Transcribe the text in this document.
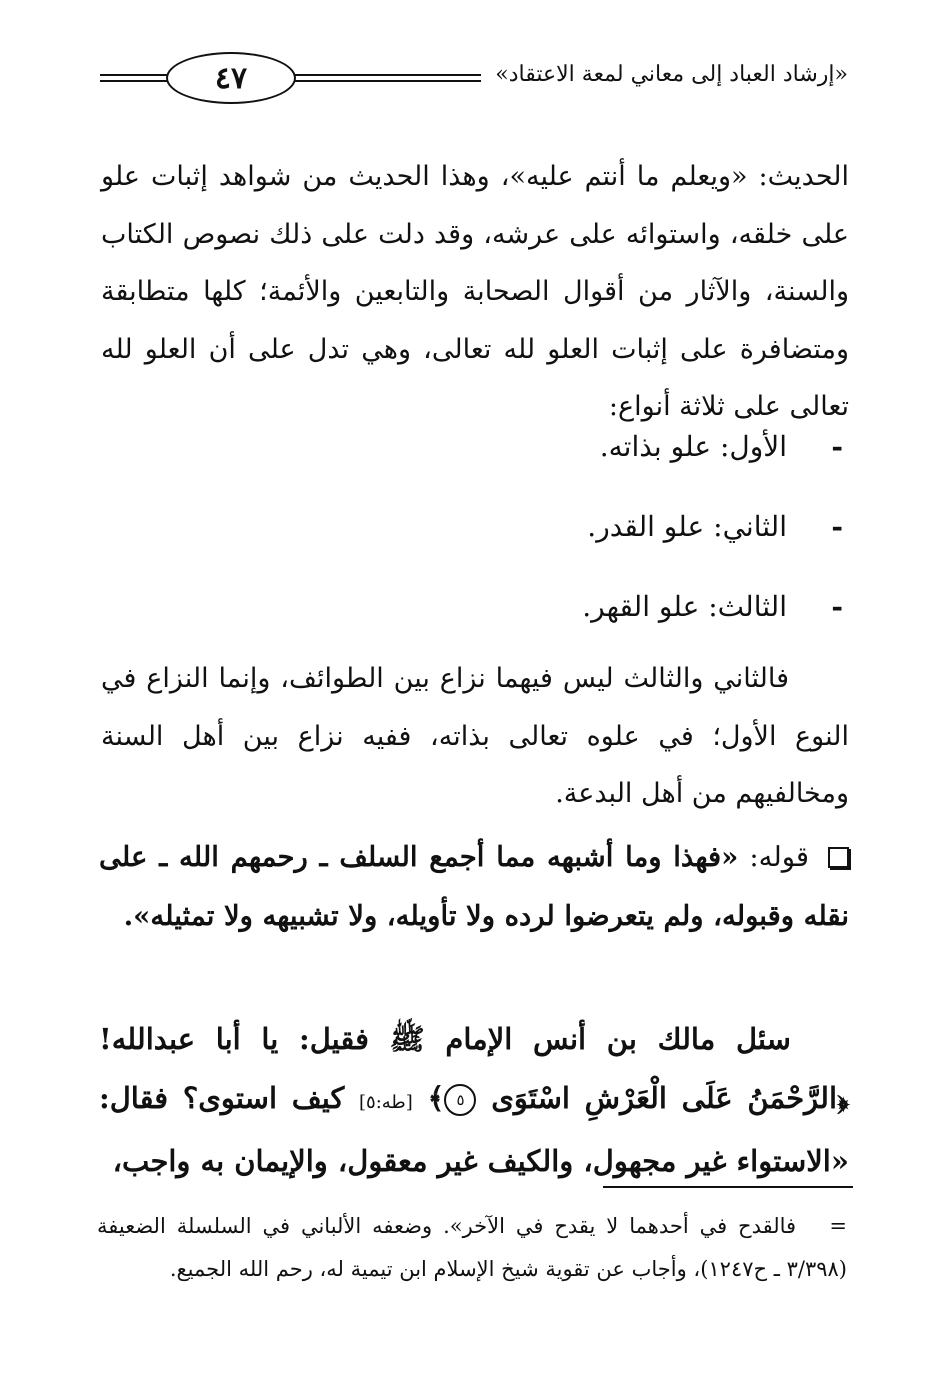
٤٧	«إرشاد العباد إلى معاني لمعة الاعتقاد»
الحديث: «ويعلم ما أنتم عليه»، وهذا الحديث من شواهد إثبات علو على خلقه، واستوائه على عرشه، وقد دلت على ذلك نصوص الكتاب والسنة، والآثار من أقوال الصحابة والتابعين والأئمة؛ كلها متطابقة ومتضافرة على إثبات العلو لله تعالى، وهي تدل على أن العلو لله تعالى على ثلاثة أنواع:
-
الأول: علو بذاته.
-
الثاني: علو القدر.
-
الثالث: علو القهر.
فالثاني والثالث ليس فيهما نزاع بين الطوائف، وإنما النزاع في النوع الأول؛ في علوه تعالى بذاته، ففيه نزاع بين أهل السنة ومخالفيهم من أهل البدعة.
قوله: «فهذا وما أشبهه مما أجمع السلف ـ رحمهم الله ـ على نقله وقبوله، ولم يتعرضوا لرده ولا تأويله، ولا تشبيهه ولا تمثيله».
سئل مالك بن أنس الإمام ﷺ فقيل: يا أبا عبدالله! ﴿الرَّحْمَنُ عَلَى الْعَرْشِ اسْتَوَى ٥﴾ [طه:٥] كيف استوى؟ فقال: «الاستواء غير مجهول، والكيف غير معقول، والإيمان به واجب،
= فالقدح في أحدهما لا يقدح في الآخر». وضعفه الألباني في السلسلة الضعيفة (٣/٣٩٨ ـ ح١٢٤٧)، وأجاب عن تقوية شيخ الإسلام ابن تيمية له، رحم الله الجميع.
